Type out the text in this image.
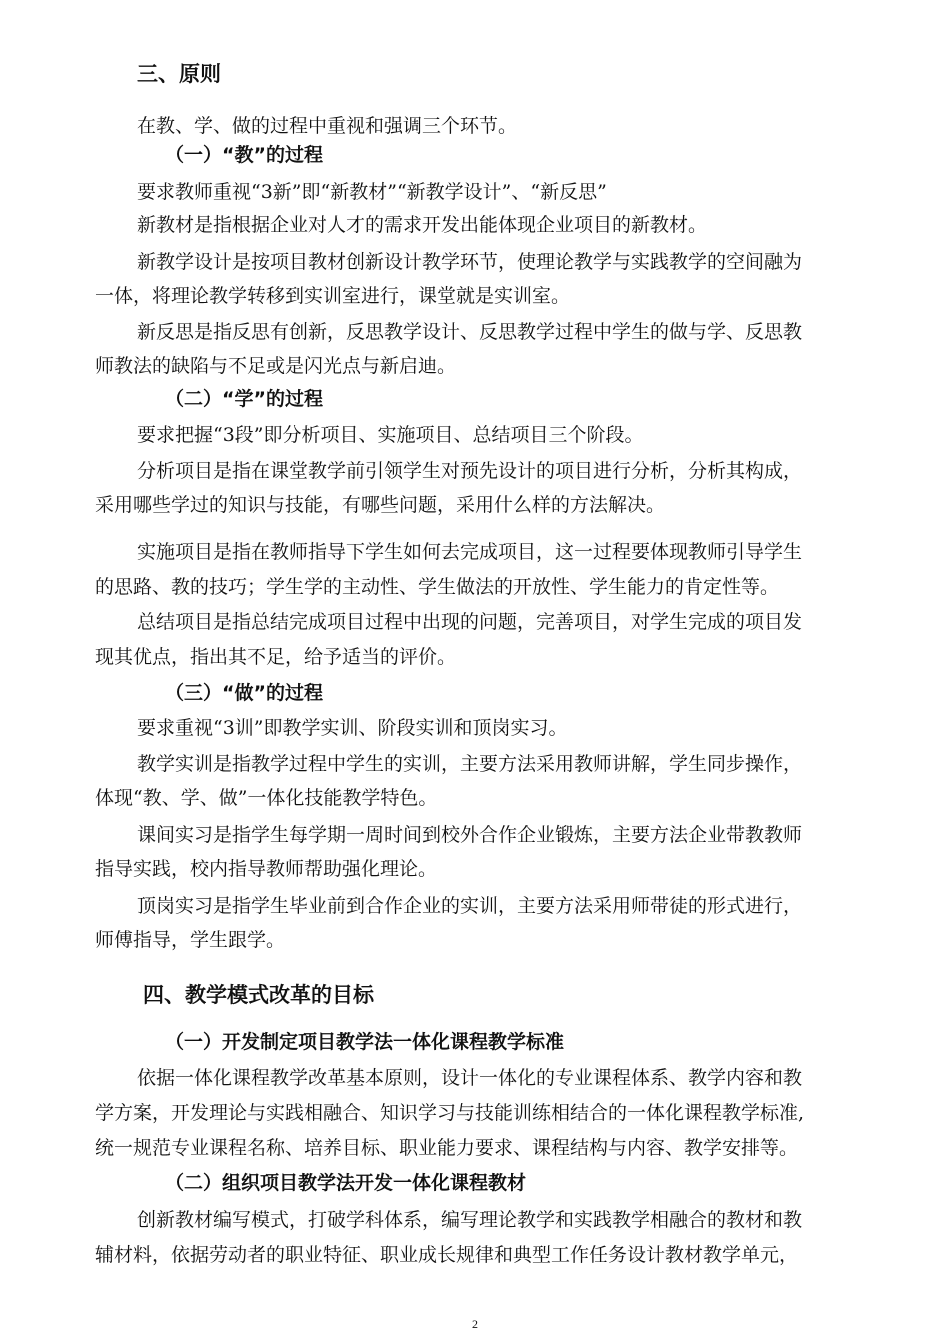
三、原则
在教、学、做的过程中重视和强调三个环节。
（一）“教”的过程
要求教师重视“3新”即“新教材”“新教学设计”、“新反思”
新教材是指根据企业对人才的需求开发出能体现企业项目的新教材。
新教学设计是按项目教材创新设计教学环节，使理论教学与实践教学的空间融为
一体，将理论教学转移到实训室进行，课堂就是实训室。
新反思是指反思有创新，反思教学设计、反思教学过程中学生的做与学、反思教
师教法的缺陷与不足或是闪光点与新启迪。
（二）“学”的过程
要求把握“3段”即分析项目、实施项目、总结项目三个阶段。
分析项目是指在课堂教学前引领学生对预先设计的项目进行分析，分析其构成，
采用哪些学过的知识与技能，有哪些问题，采用什么样的方法解决。
实施项目是指在教师指导下学生如何去完成项目，这一过程要体现教师引导学生
的思路、教的技巧；学生学的主动性、学生做法的开放性、学生能力的肯定性等。
总结项目是指总结完成项目过程中出现的问题，完善项目，对学生完成的项目发
现其优点，指出其不足，给予适当的评价。
（三）“做”的过程
要求重视“3训”即教学实训、阶段实训和顶岗实习。
教学实训是指教学过程中学生的实训，主要方法采用教师讲解，学生同步操作，
体现“教、学、做”一体化技能教学特色。
课间实习是指学生每学期一周时间到校外合作企业锻炼，主要方法企业带教教师
指导实践，校内指导教师帮助强化理论。
顶岗实习是指学生毕业前到合作企业的实训，主要方法采用师带徒的形式进行，
师傅指导，学生跟学。
四、教学模式改革的目标
（一）开发制定项目教学法一体化课程教学标准
依据一体化课程教学改革基本原则，设计一体化的专业课程体系、教学内容和教
学方案，开发理论与实践相融合、知识学习与技能训练相结合的一体化课程教学标准,
统一规范专业课程名称、培养目标、职业能力要求、课程结构与内容、教学安排等。
（二）组织项目教学法开发一体化课程教材
创新教材编写模式，打破学科体系，编写理论教学和实践教学相融合的教材和教
辅材料，依据劳动者的职业特征、职业成长规律和典型工作任务设计教材教学单元，
2
